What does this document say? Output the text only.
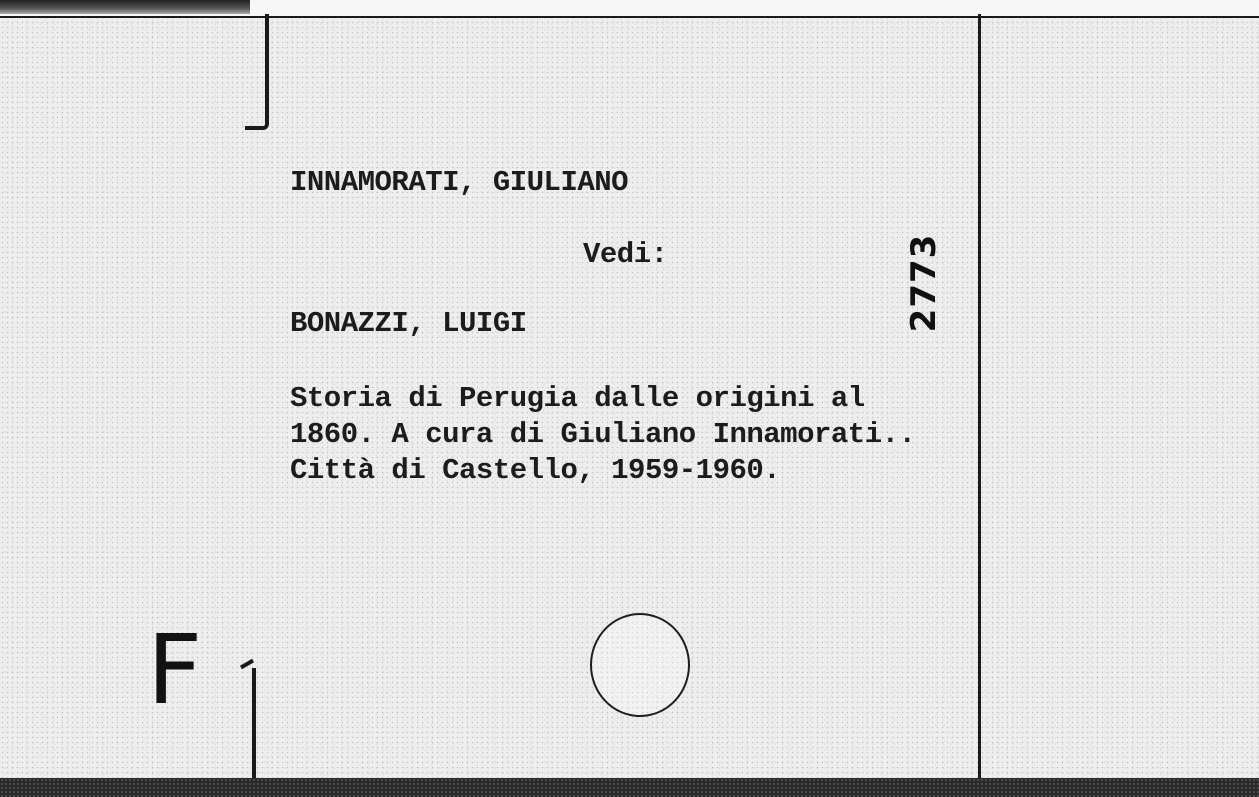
INNAMORATI, GIULIANO
Vedi:
BONAZZI, LUIGI
Storia di Perugia dalle origini al
1860. A cura di Giuliano Innamorati..
Città di Castello, 1959-1960.
2773
F
